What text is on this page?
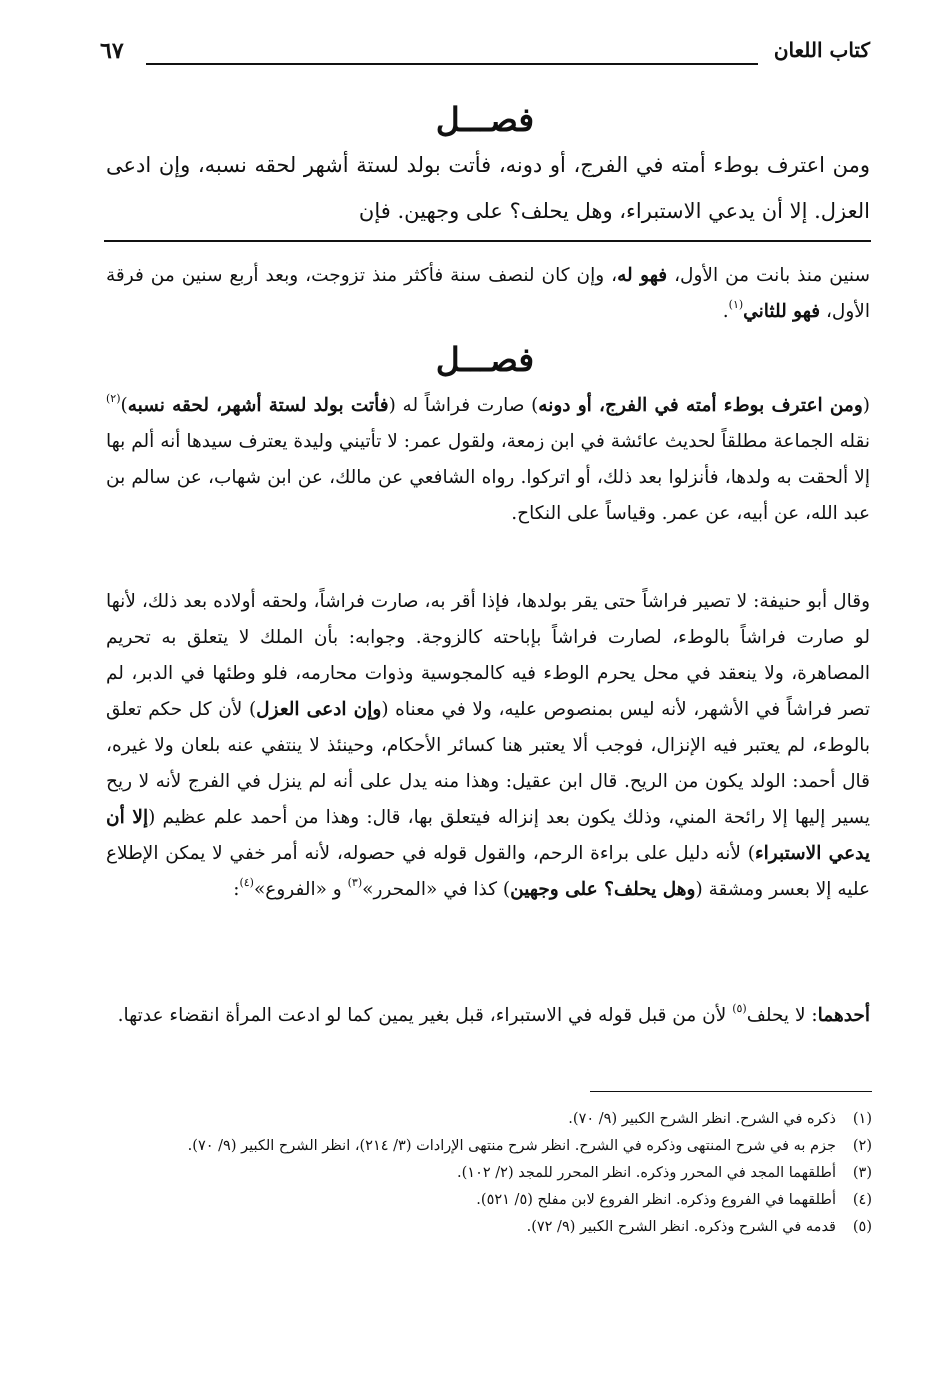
كتاب اللعان
٦٧
فصـــل

ومن اعترف بوطء أمته في الفرج، أو دونه، فأتت بولد لستة أشهر لحقه نسبه، وإن ادعى العزل. إلا أن يدعي الاستبراء، وهل يحلف؟ على وجهين. فإن

سنين منذ بانت من الأول، فهو له، وإن كان لنصف سنة فأكثر منذ تزوجت، وبعد أربع سنين من فرقة الأول، فهو للثاني$^{(١)}$.

فصـــل

(ومن اعترف بوطء أمته في الفرج، أو دونه) صارت فراشاً له (فأتت بولد لستة أشهر، لحقه نسبه)$^{(٢)}$ نقله الجماعة مطلقاً لحديث عائشة في ابن زمعة، ولقول عمر: لا تأتيني وليدة يعترف سيدها أنه ألم بها إلا ألحقت به ولدها، فأنزلوا بعد ذلك، أو اتركوا. رواه الشافعي عن مالك، عن ابن شهاب، عن سالم بن عبد الله، عن أبيه، عن عمر. وقياساً على النكاح.

وقال أبو حنيفة: لا تصير فراشاً حتى يقر بولدها، فإذا أقر به، صارت فراشاً، ولحقه أولاده بعد ذلك، لأنها لو صارت فراشاً بالوطء، لصارت فراشاً بإباحته كالزوجة. وجوابه: بأن الملك لا يتعلق به تحريم المصاهرة، ولا ينعقد في محل يحرم الوطء فيه كالمجوسية وذوات محارمه، فلو وطئها في الدبر، لم تصر فراشاً في الأشهر، لأنه ليس بمنصوص عليه، ولا في معناه (وإن ادعى العزل) لأن كل حكم تعلق بالوطء، لم يعتبر فيه الإنزال، فوجب ألا يعتبر هنا كسائر الأحكام، وحينئذ لا ينتفي عنه بلعان ولا غيره، قال أحمد: الولد يكون من الريح. قال ابن عقيل: وهذا منه يدل على أنه لم ينزل في الفرج لأنه لا ريح يسير إليها إلا رائحة المني، وذلك يكون بعد إنزاله فيتعلق بها، قال: وهذا من أحمد علم عظيم (إلا أن يدعي الاستبراء) لأنه دليل على براءة الرحم، والقول قوله في حصوله، لأنه أمر خفي لا يمكن الإطلاع عليه إلا بعسر ومشقة (وهل يحلف؟ على وجهين) كذا في «المحرر»$^{(٣)}$ و «الفروع»$^{(٤)}$:

أحدهما: لا يحلف$^{(٥)}$ لأن من قبل قوله في الاستبراء، قبل بغير يمين كما لو ادعت المرأة انقضاء عدتها.

(١)
ذكره في الشرح. انظر الشرح الكبير (٩/ ٧٠).
(٢)
جزم به في شرح المنتهى وذكره في الشرح. انظر شرح منتهى الإرادات (٣/ ٢١٤)، انظر الشرح الكبير (٩/ ٧٠).
(٣)
أطلقهما المجد في المحرر وذكره. انظر المحرر للمجد (٢/ ١٠٢).
(٤)
أطلقهما في الفروع وذكره. انظر الفروع لابن مفلح (٥/ ٥٢١).
(٥)
قدمه في الشرح وذكره. انظر الشرح الكبير (٩/ ٧٢).
